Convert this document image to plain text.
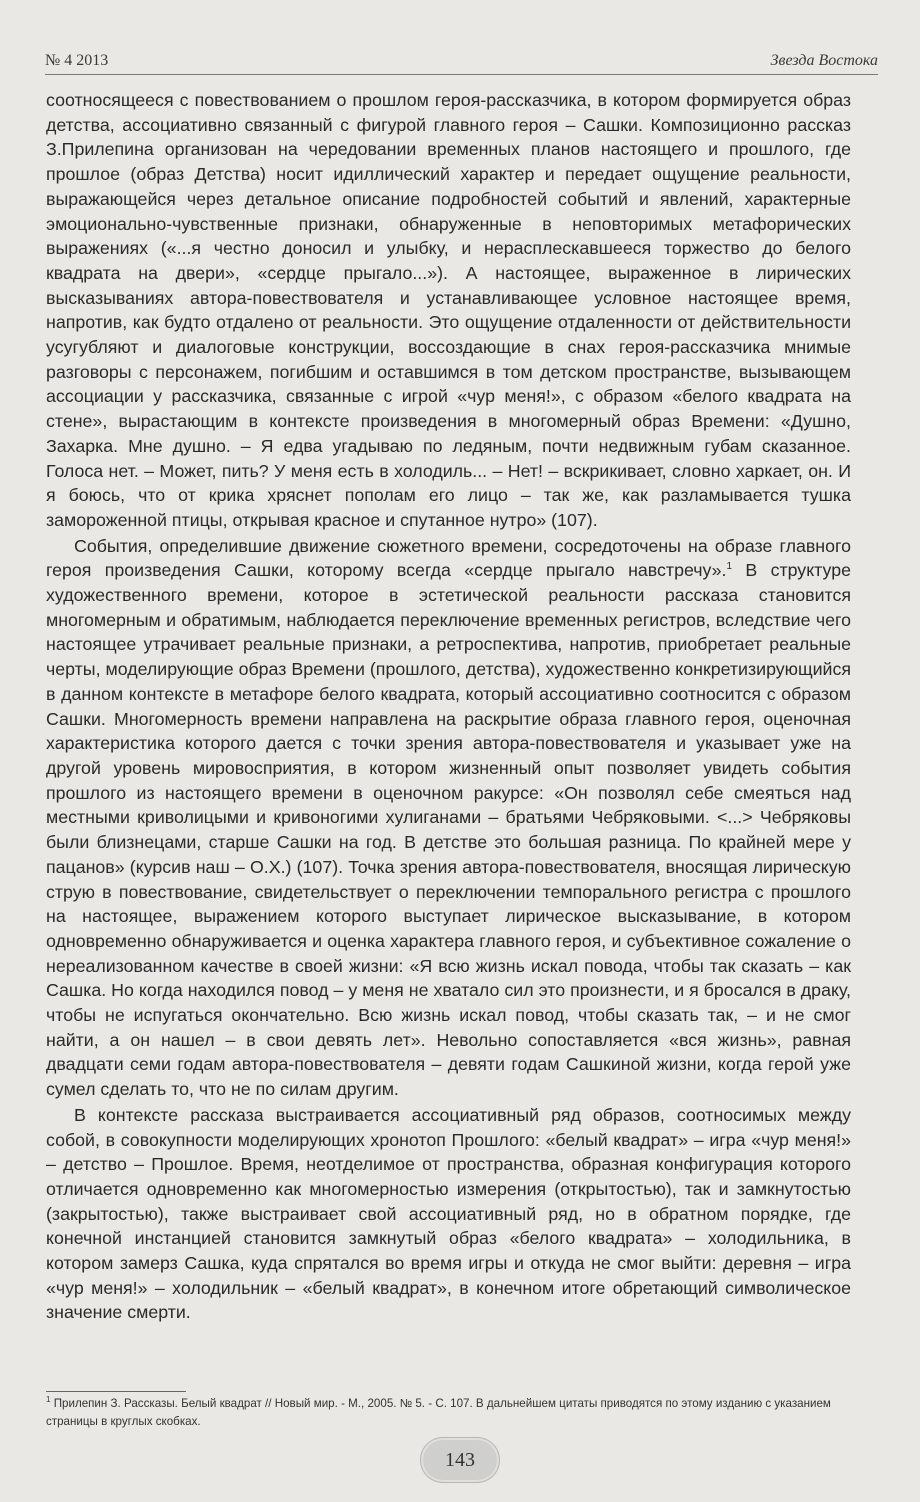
№ 4 2013	Звезда Востока

соотносящееся с повествованием о прошлом героя-рассказчика, в котором формируется образ детства, ассоциативно связанный с фигурой главного героя – Сашки. Композиционно рассказ З.Прилепина организован на чередовании временных планов настоящего и прошлого, где прошлое (образ Детства) носит идиллический характер и передает ощущение реальности, выражающейся через детальное описание подробностей событий и явлений, характерные эмоционально-чувственные признаки, обнаруженные в неповторимых метафорических выражениях («...я честно доносил и улыбку, и нерасплескавшееся торжество до белого квадрата на двери», «сердце прыгало...»). А настоящее, выраженное в лирических высказываниях автора-повествователя и устанавливающее условное настоящее время, напротив, как будто отдалено от реальности. Это ощущение отдаленности от действительности усугубляют и диалоговые конструкции, воссоздающие в снах героя-рассказчика мнимые разговоры с персонажем, погибшим и оставшимся в том детском пространстве, вызывающем ассоциации у рассказчика, связанные с игрой «чур меня!», с образом «белого квадрата на стене», вырастающим в контексте произведения в многомерный образ Времени: «Душно, Захарка. Мне душно. – Я едва угадываю по ледяным, почти недвижным губам сказанное. Голоса нет. – Может, пить? У меня есть в холодиль... – Нет! – вскрикивает, словно харкает, он. И я боюсь, что от крика хряснет пополам его лицо – так же, как разламывается тушка замороженной птицы, открывая красное и спутанное нутро» (107).

События, определившие движение сюжетного времени, сосредоточены на образе главного героя произведения Сашки, которому всегда «сердце прыгало навстречу».$^1$ В структуре художественного времени, которое в эстетической реальности рассказа становится многомерным и обратимым, наблюдается переключение временных регистров, вследствие чего настоящее утрачивает реальные признаки, а ретроспектива, напротив, приобретает реальные черты, моделирующие образ Времени (прошлого, детства), художественно конкретизирующийся в данном контексте в метафоре белого квадрата, который ассоциативно соотносится с образом Сашки. Многомерность времени направлена на раскрытие образа главного героя, оценочная характеристика которого дается с точки зрения автора-повествователя и указывает уже на другой уровень мировосприятия, в котором жизненный опыт позволяет увидеть события прошлого из настоящего времени в оценочном ракурсе: «Он позволял себе смеяться над местными криволицыми и кривоногими хулиганами – братьями Чебряковыми. <...> Чебряковы были близнецами, старше Сашки на год. В детстве это большая разница. По крайней мере у пацанов» (курсив наш – О.Х.) (107). Точка зрения автора-повествователя, вносящая лирическую струю в повествование, свидетельствует о переключении темпорального регистра с прошлого на настоящее, выражением которого выступает лирическое высказывание, в котором одновременно обнаруживается и оценка характера главного героя, и субъективное сожаление о нереализованном качестве в своей жизни: «Я всю жизнь искал повода, чтобы так сказать – как Сашка. Но когда находился повод – у меня не хватало сил это произнести, и я бросался в драку, чтобы не испугаться окончательно. Всю жизнь искал повод, чтобы сказать так, – и не смог найти, а он нашел – в свои девять лет». Невольно сопоставляется «вся жизнь», равная двадцати семи годам автора-повествователя – девяти годам Сашкиной жизни, когда герой уже сумел сделать то, что не по силам другим.

В контексте рассказа выстраивается ассоциативный ряд образов, соотносимых между собой, в совокупности моделирующих хронотоп Прошлого: «белый квадрат» – игра «чур меня!» – детство – Прошлое. Время, неотделимое от пространства, образная конфигурация которого отличается одновременно как многомерностью измерения (открытостью), так и замкнутостью (закрытостью), также выстраивает свой ассоциативный ряд, но в обратном порядке, где конечной инстанцией становится замкнутый образ «белого квадрата» – холодильника, в котором замерз Сашка, куда спрятался во время игры и откуда не смог выйти: деревня – игра «чур меня!» – холодильник – «белый квадрат», в конечном итоге обретающий символическое значение смерти.

$^1$ Прилепин З. Рассказы. Белый квадрат // Новый мир. - М., 2005. № 5. - С. 107. В дальнейшем цитаты приводятся по этому изданию с указанием страницы в круглых скобках.
143
